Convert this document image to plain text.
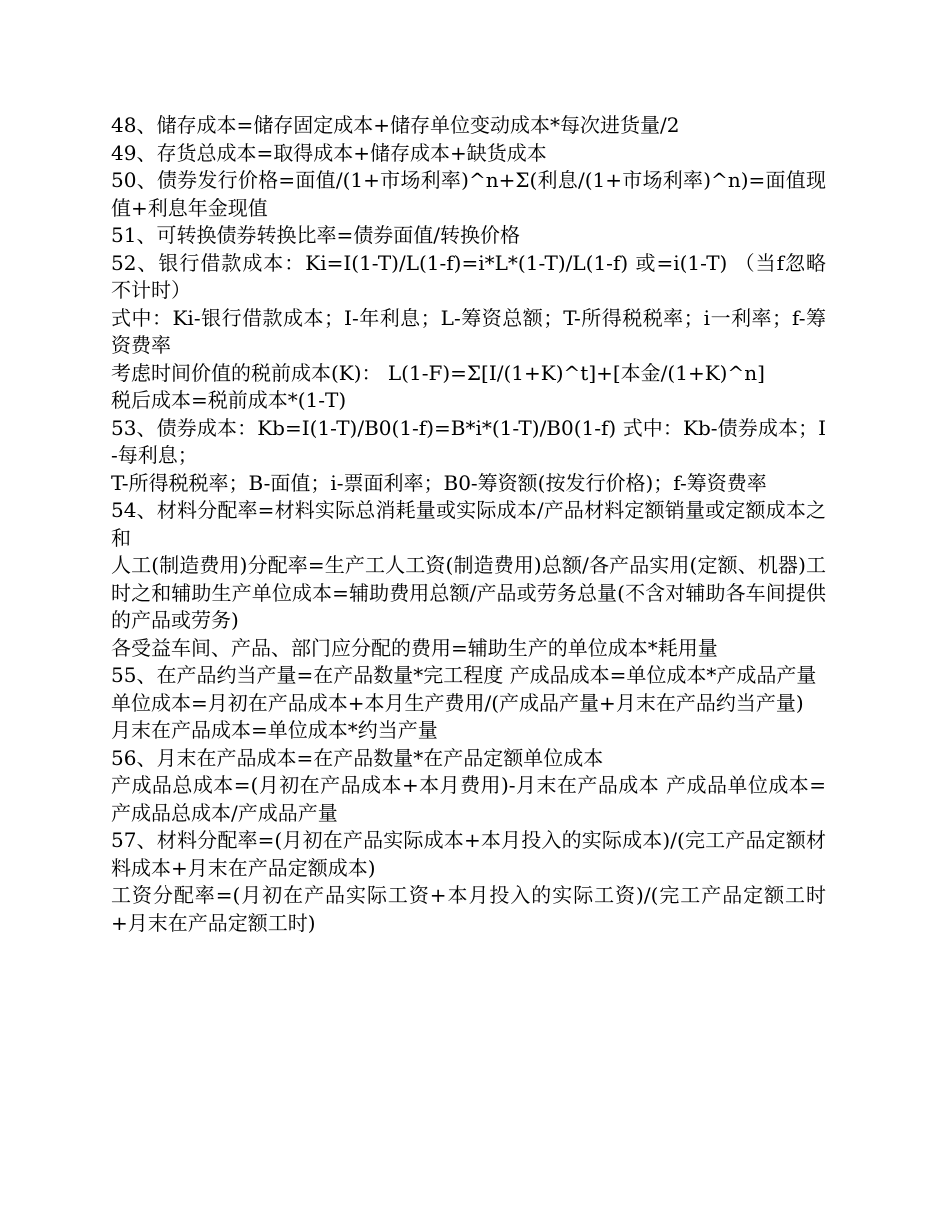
48、储存成本=储存固定成本+储存单位变动成本*每次进货量/2

49、存货总成本=取得成本+储存成本+缺货成本

50、债券发行价格=面值/(1+市场利率)^n+Σ(利息/(1+市场利率)^n)=面值现值+利息年金现值

51、可转换债券转换比率=债券面值/转换价格

52、银行借款成本：Ki=I(1-T)/L(1-f)=i*L*(1-T)/L(1-f) 或=i(1-T) （当f忽略不计时）

式中：Ki-银行借款成本；I-年利息；L-筹资总额；T-所得税税率；i一利率；f-筹资费率

考虑时间价值的税前成本(K)： L(1-F)=Σ[I/(1+K)^t]+[本金/(1+K)^n]

税后成本=税前成本*(1-T)

53、债券成本：Kb=I(1-T)/B0(1-f)=B*i*(1-T)/B0(1-f) 式中：Kb-债券成本；I-每利息；

T-所得税税率；B-面值；i-票面利率；B0-筹资额(按发行价格)；f-筹资费率

54、材料分配率=材料实际总消耗量或实际成本/产品材料定额销量或定额成本之和

人工(制造费用)分配率=生产工人工资(制造费用)总额/各产品实用(定额、机器)工时之和辅助生产单位成本=辅助费用总额/产品或劳务总量(不含对辅助各车间提供的产品或劳务)

各受益车间、产品、部门应分配的费用=辅助生产的单位成本*耗用量

55、在产品约当产量=在产品数量*完工程度 产成品成本=单位成本*产成品产量

单位成本=月初在产品成本+本月生产费用/(产成品产量+月末在产品约当产量)

月末在产品成本=单位成本*约当产量

56、月末在产品成本=在产品数量*在产品定额单位成本

产成品总成本=(月初在产品成本+本月费用)-月末在产品成本 产成品单位成本=产成品总成本/产成品产量

57、材料分配率=(月初在产品实际成本+本月投入的实际成本)/(完工产品定额材料成本+月末在产品定额成本)

工资分配率=(月初在产品实际工资+本月投入的实际工资)/(完工产品定额工时+月末在产品定额工时)
